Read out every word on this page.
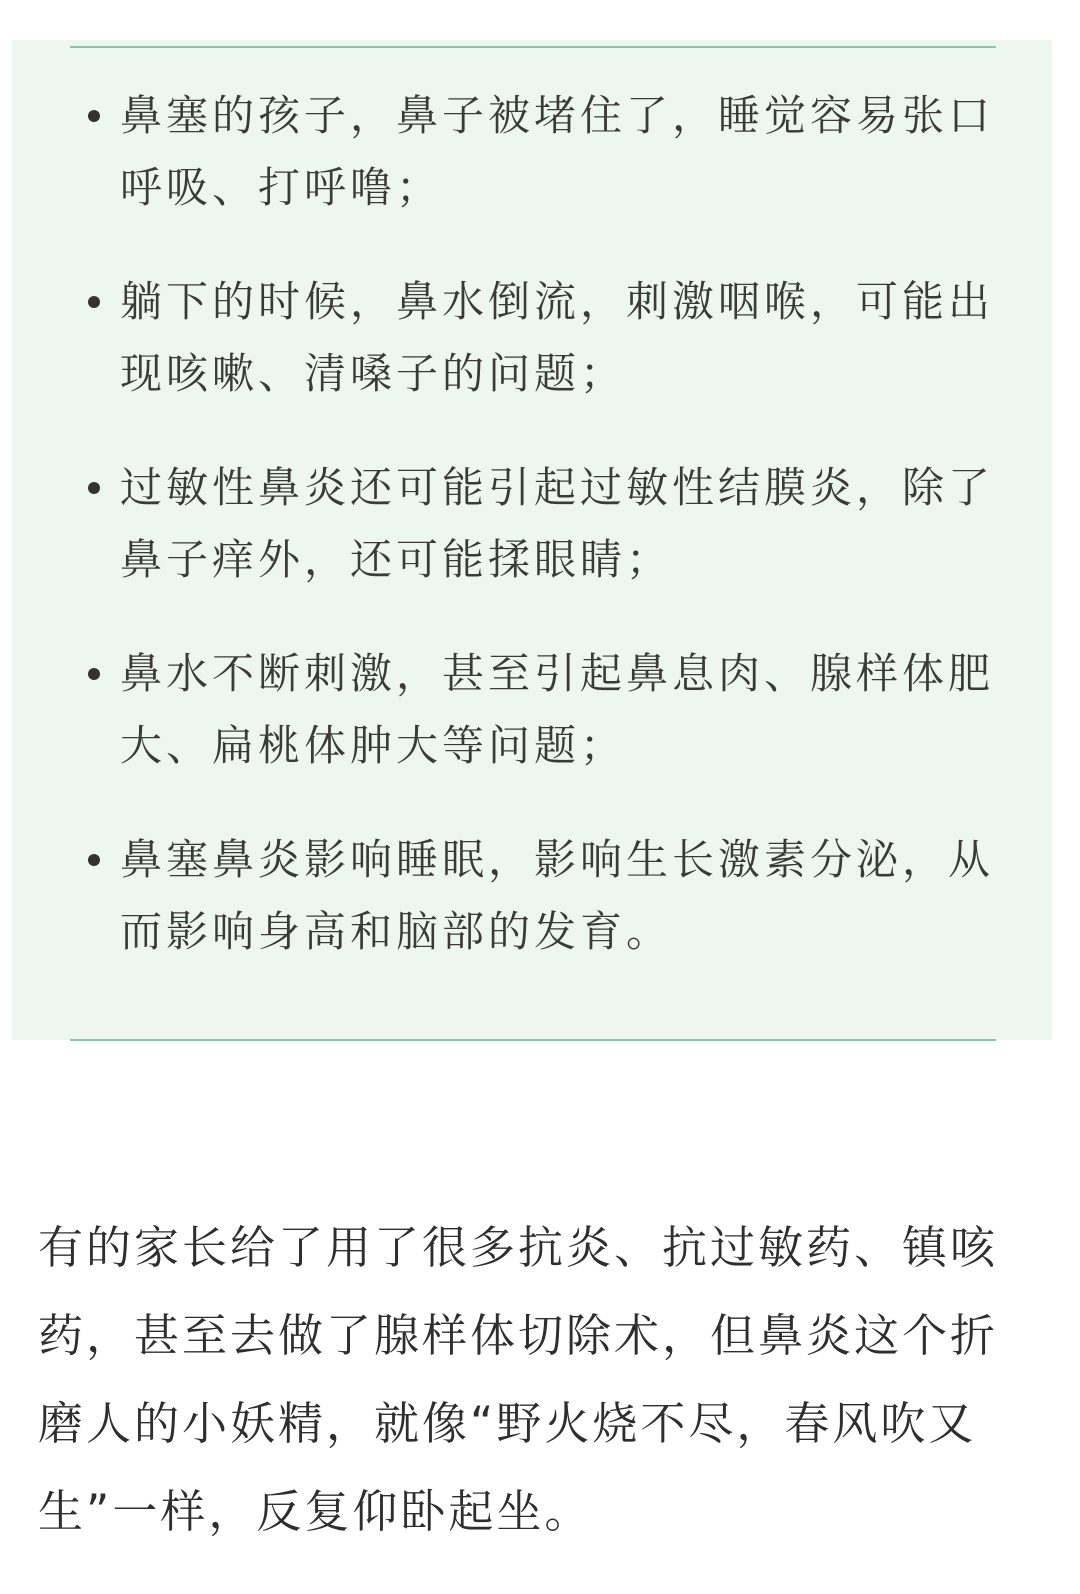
鼻塞的孩子，鼻子被堵住了，睡觉容易张口呼吸、打呼噜；
躺下的时候，鼻水倒流，刺激咽喉，可能出现咳嗽、清嗓子的问题；
过敏性鼻炎还可能引起过敏性结膜炎，除了鼻子痒外，还可能揉眼睛；
鼻水不断刺激，甚至引起鼻息肉、腺样体肥大、扁桃体肿大等问题；
鼻塞鼻炎影响睡眠，影响生长激素分泌，从而影响身高和脑部的发育。

有的家长给了用了很多抗炎、抗过敏药、镇咳药，甚至去做了腺样体切除术，但鼻炎这个折磨人的小妖精，就像“野火烧不尽，春风吹又生”一样，反复仰卧起坐。
